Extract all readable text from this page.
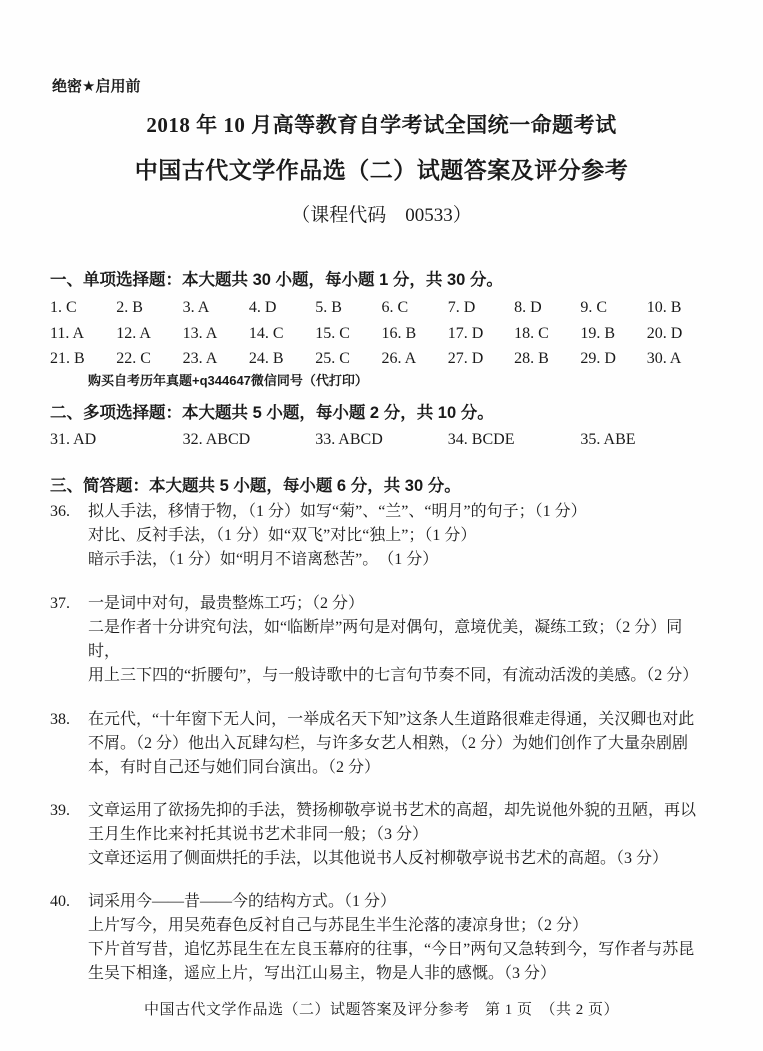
绝密★启用前
2018 年 10 月高等教育自学考试全国统一命题考试
中国古代文学作品选（二）试题答案及评分参考
（课程代码　00533）
一、单项选择题：本大题共 30 小题，每小题 1 分，共 30 分。
1. C	2. B	3. A	4. D	5. B	6. C	7. D	8. D	9. C	10. B
11. A	12. A	13. A	14. C	15. C	16. B	17. D	18. C	19. B	20. D
21. B	22. C	23. A	24. B	25. C	26. A	27. D	28. B	29. D	30. A
购买自考历年真题+q344647微信同号（代打印）
二、多项选择题：本大题共 5 小题，每小题 2 分，共 10 分。
31. AD	32. ABCD	33. ABCD	34. BCDE	35. ABE
三、简答题：本大题共 5 小题，每小题 6 分，共 30 分。
36.	拟人手法，移情于物，（1 分）如写“菊”、“兰”、“明月”的句子；（1 分）
对比、反衬手法，（1 分）如“双飞”对比“独上”；（1 分）
暗示手法，（1 分）如“明月不谙离愁苦”。　（1 分）
37.	一是词中对句，最贵整炼工巧；（2 分）
二是作者十分讲究句法，如“临断岸”两句是对偶句，意境优美，凝练工致；（2 分）同时，
用上三下四的“折腰句”，与一般诗歌中的七言句节奏不同，有流动活泼的美感。（2 分）
38.	在元代，“十年窗下无人问，一举成名天下知”这条人生道路很难走得通，关汉卿也对此
不屑。（2 分）他出入瓦肆勾栏，与许多女艺人相熟，（2 分）为她们创作了大量杂剧剧
本，有时自己还与她们同台演出。（2 分）
39.	文章运用了欲扬先抑的手法，赞扬柳敬亭说书艺术的高超，却先说他外貌的丑陋，再以
王月生作比来衬托其说书艺术非同一般；（3 分）
文章还运用了侧面烘托的手法，以其他说书人反衬柳敬亭说书艺术的高超。（3 分）
40.	词采用今——昔——今的结构方式。（1 分）
上片写今，用吴苑春色反衬自己与苏昆生半生沦落的凄凉身世；（2 分）
下片首写昔，追忆苏昆生在左良玉幕府的往事，“今日”两句又急转到今，写作者与苏昆
生吴下相逢，遥应上片，写出江山易主，物是人非的感慨。（3 分）
中国古代文学作品选（二）试题答案及评分参考　第 1 页　（共 2 页）
